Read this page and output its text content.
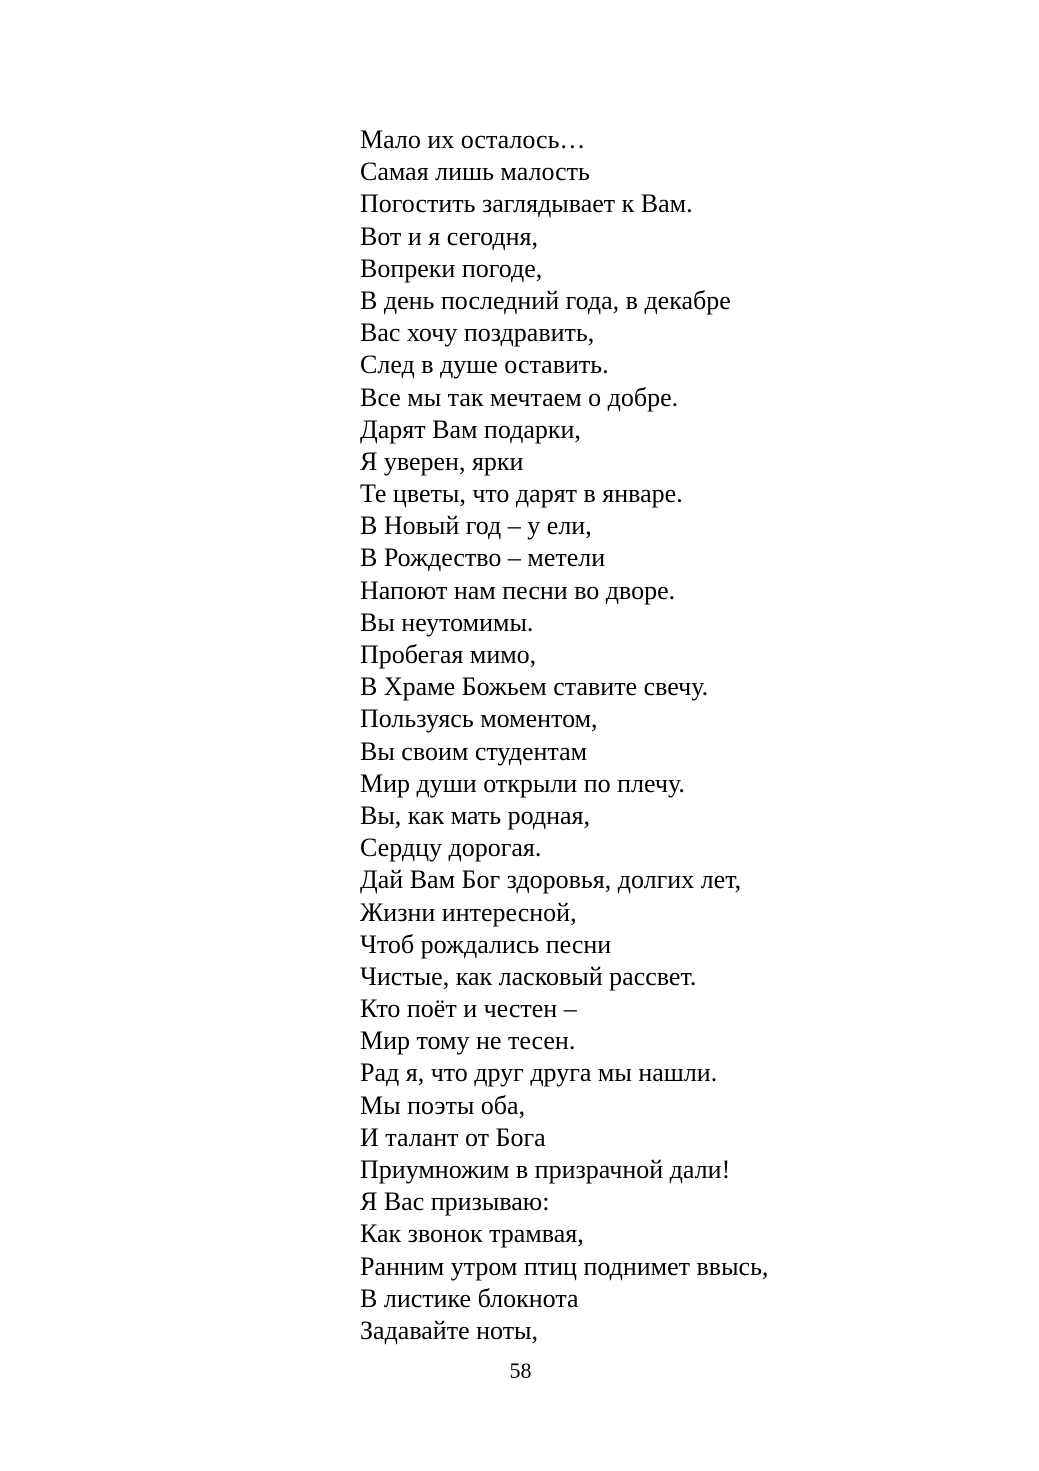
Мало их осталось…
Самая лишь малость
Погостить заглядывает к Вам.
Вот и я сегодня,
Вопреки погоде,
В день последний года, в декабре
Вас хочу поздравить,
След в душе оставить.
Все мы так мечтаем о добре.
Дарят Вам подарки,
Я уверен, ярки
Те цветы, что дарят в январе.
В Новый год – у ели,
В Рождество – метели
Напоют нам песни во дворе.
Вы неутомимы.
Пробегая мимо,
В Храме Божьем ставите свечу.
Пользуясь моментом,
Вы своим студентам
Мир души открыли по плечу.
Вы, как мать родная,
Сердцу дорогая.
Дай Вам Бог здоровья, долгих лет,
Жизни интересной,
Чтоб рождались песни
Чистые, как ласковый рассвет.
Кто поёт и честен –
Мир тому не тесен.
Рад я, что друг друга мы нашли.
Мы поэты оба,
И талант от Бога
Приумножим в призрачной дали!
Я Вас призываю:
Как звонок трамвая,
Ранним утром птиц поднимет ввысь,
В листике блокнота
Задавайте ноты,
58
